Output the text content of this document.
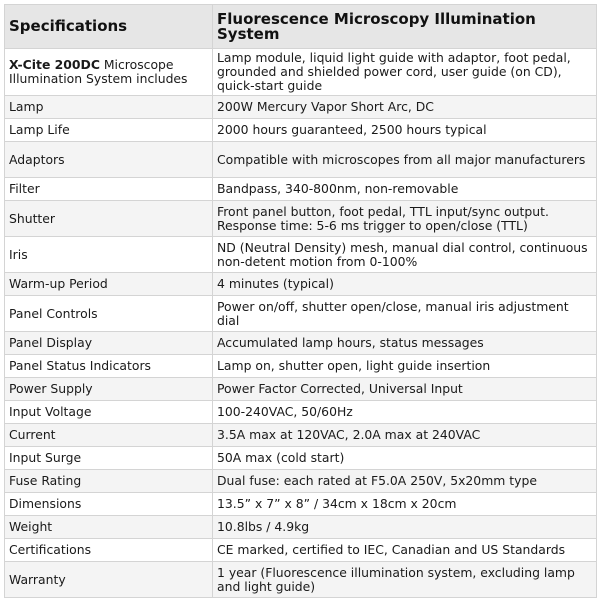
Specifications	Fluorescence Microscopy Illumination System
X-Cite 200DC Microscope Illumination System includes	Lamp module, liquid light guide with adaptor, foot pedal, grounded and shielded power cord, user guide (on CD), quick-start guide
Lamp	200W Mercury Vapor Short Arc, DC
Lamp Life	2000 hours guaranteed, 2500 hours typical
Adaptors	Compatible with microscopes from all major manufacturers
Filter	Bandpass, 340-800nm, non-removable
Shutter	Front panel button, foot pedal, TTL input/sync output. Response time: 5-6 ms trigger to open/close (TTL)
Iris	ND (Neutral Density) mesh, manual dial control, continuous non-detent motion from 0-100%
Warm-up Period	4 minutes (typical)
Panel Controls	Power on/off, shutter open/close, manual iris adjustment dial
Panel Display	Accumulated lamp hours, status messages
Panel Status Indicators	Lamp on, shutter open, light guide insertion
Power Supply	Power Factor Corrected, Universal Input
Input Voltage	100-240VAC, 50/60Hz
Current	3.5A max at 120VAC, 2.0A max at 240VAC
Input Surge	50A max (cold start)
Fuse Rating	Dual fuse: each rated at F5.0A 250V, 5x20mm type
Dimensions	13.5” x 7” x 8” / 34cm x 18cm x 20cm
Weight	10.8lbs / 4.9kg
Certifications	CE marked, certified to IEC, Canadian and US Standards
Warranty	1 year (Fluorescence illumination system, excluding lamp and light guide)
